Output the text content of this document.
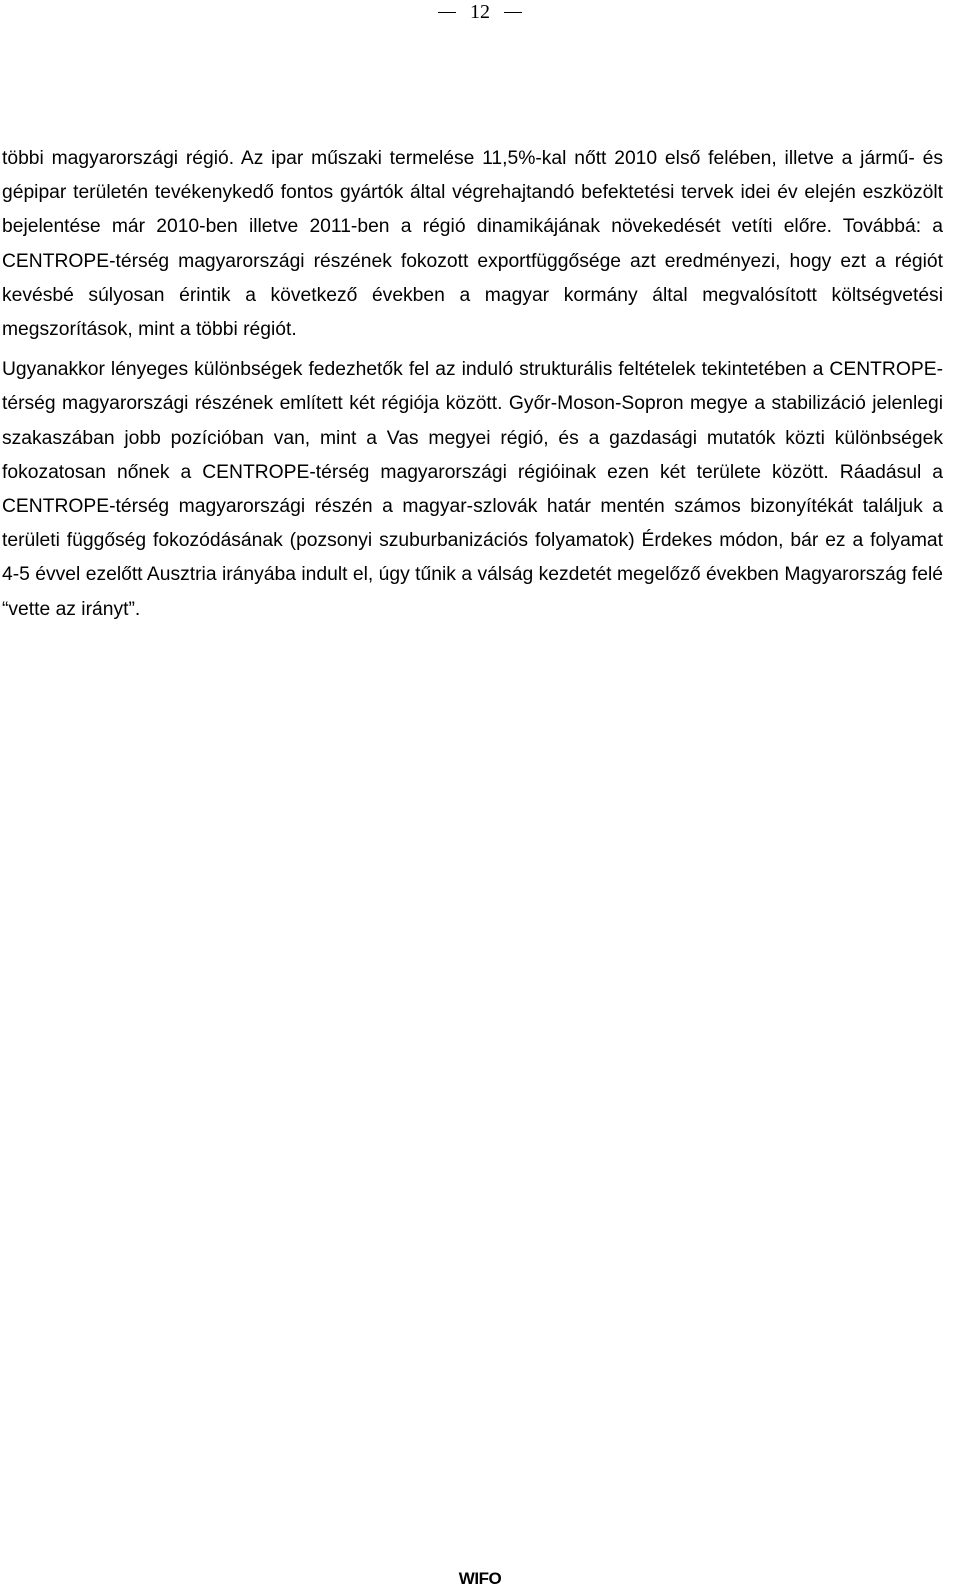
12

többi magyarországi régió. Az ipar műszaki termelése 11,5%-kal nőtt 2010 első felében, illetve a jármű- és gépipar területén tevékenykedő fontos gyártók által végrehajtandó befektetési tervek idei év elején eszközölt bejelentése már 2010-ben illetve 2011-ben a régió dinamikájának növekedését vetíti előre. Továbbá: a CENTROPE-térség magyarországi részének fokozott exportfüggősége azt eredményezi, hogy ezt a régiót kevésbé súlyosan érintik a következő években a magyar kormány által megvalósított költségvetési megszorítások, mint a többi régiót.

Ugyanakkor lényeges különbségek fedezhetők fel az induló strukturális feltételek tekintetében a CENTROPE-térség magyarországi részének említett két régiója között. Győr-Moson-Sopron megye a stabilizáció jelenlegi szakaszában jobb pozícióban van, mint a Vas megyei régió, és a gazdasági mutatók közti különbségek fokozatosan nőnek a CENTROPE-térség magyarországi régióinak ezen két területe között. Ráadásul a CENTROPE-térség magyarországi részén a magyar-szlovák határ mentén számos bizonyítékát találjuk a területi függőség fokozódásának (pozsonyi szuburbanizációs folyamatok) Érdekes módon, bár ez a folyamat 4-5 évvel ezelőtt Ausztria irányába indult el, úgy tűnik a válság kezdetét megelőző években Magyarország felé “vette az irányt”.

WIFO
